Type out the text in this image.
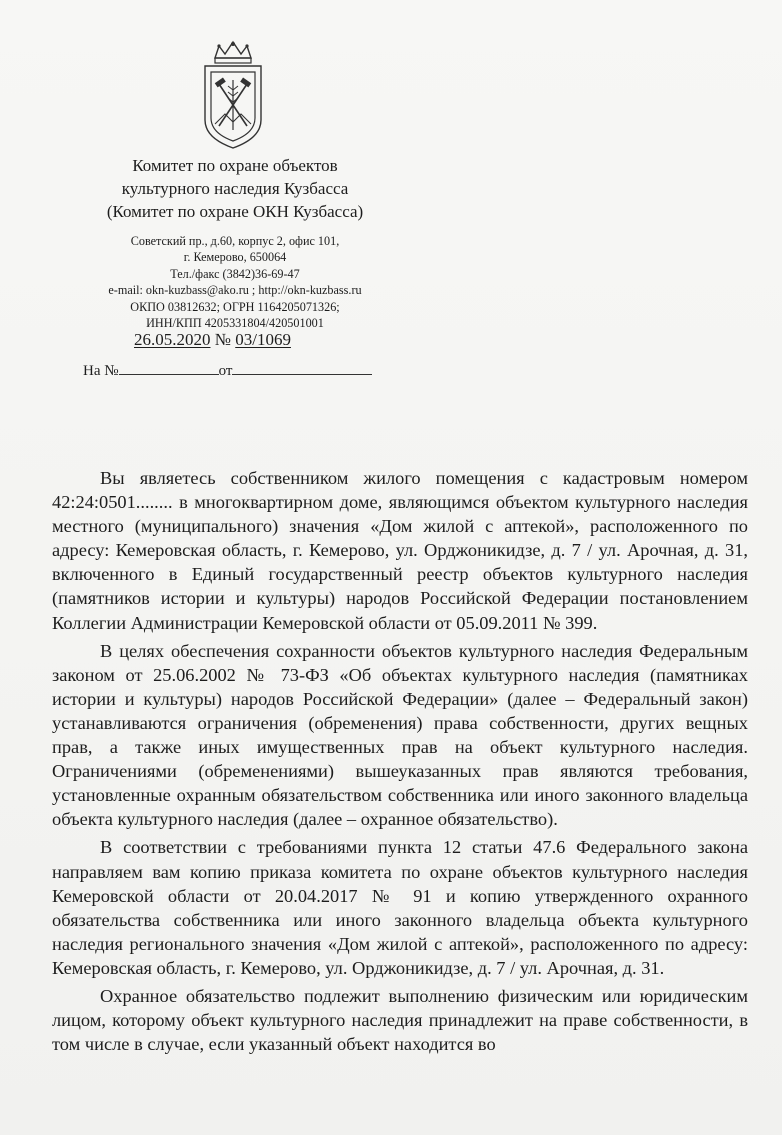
Комитет по охране объектов
культурного наследия Кузбасса
(Комитет по охране ОКН Кузбасса)
Советский пр., д.60, корпус 2, офис 101,
г. Кемерово, 650064
Тел./факс (3842)36-69-47
e-mail: okn-kuzbass@ako.ru ; http://okn-kuzbass.ru
ОКПО 03812632; ОГРН 1164205071326;
ИНН/КПП 4205331804/420501001
26.05.2020 № 03/1069
На №	от

Вы являетесь собственником жилого помещения с кадастровым номером 42:24:0501........ в многоквартирном доме, являющимся объектом культурного наследия местного (муниципального) значения «Дом жилой с аптекой», расположенного по адресу: Кемеровская область, г. Кемерово, ул. Орджоникидзе, д. 7 / ул. Арочная, д. 31, включенного в Единый государственный реестр объектов культурного наследия (памятников истории и культуры) народов Российской Федерации постановлением Коллегии Администрации Кемеровской области от 05.09.2011 № 399.

В целях обеспечения сохранности объектов культурного наследия Федеральным законом от 25.06.2002 № 73-ФЗ «Об объектах культурного наследия (памятниках истории и культуры) народов Российской Федерации» (далее – Федеральный закон) устанавливаются ограничения (обременения) права собственности, других вещных прав, а также иных имущественных прав на объект культурного наследия. Ограничениями (обременениями) вышеуказанных прав являются требования, установленные охранным обязательством собственника или иного законного владельца объекта культурного наследия (далее – охранное обязательство).

В соответствии с требованиями пункта 12 статьи 47.6 Федерального закона направляем вам копию приказа комитета по охране объектов культурного наследия Кемеровской области от 20.04.2017 № 91 и копию утвержденного охранного обязательства собственника или иного законного владельца объекта культурного наследия регионального значения «Дом жилой с аптекой», расположенного по адресу: Кемеровская область, г. Кемерово, ул. Орджоникидзе, д. 7 / ул. Арочная, д. 31.

Охранное обязательство подлежит выполнению физическим или юридическим лицом, которому объект культурного наследия принадлежит на праве собственности, в том числе в случае, если указанный объект находится во
